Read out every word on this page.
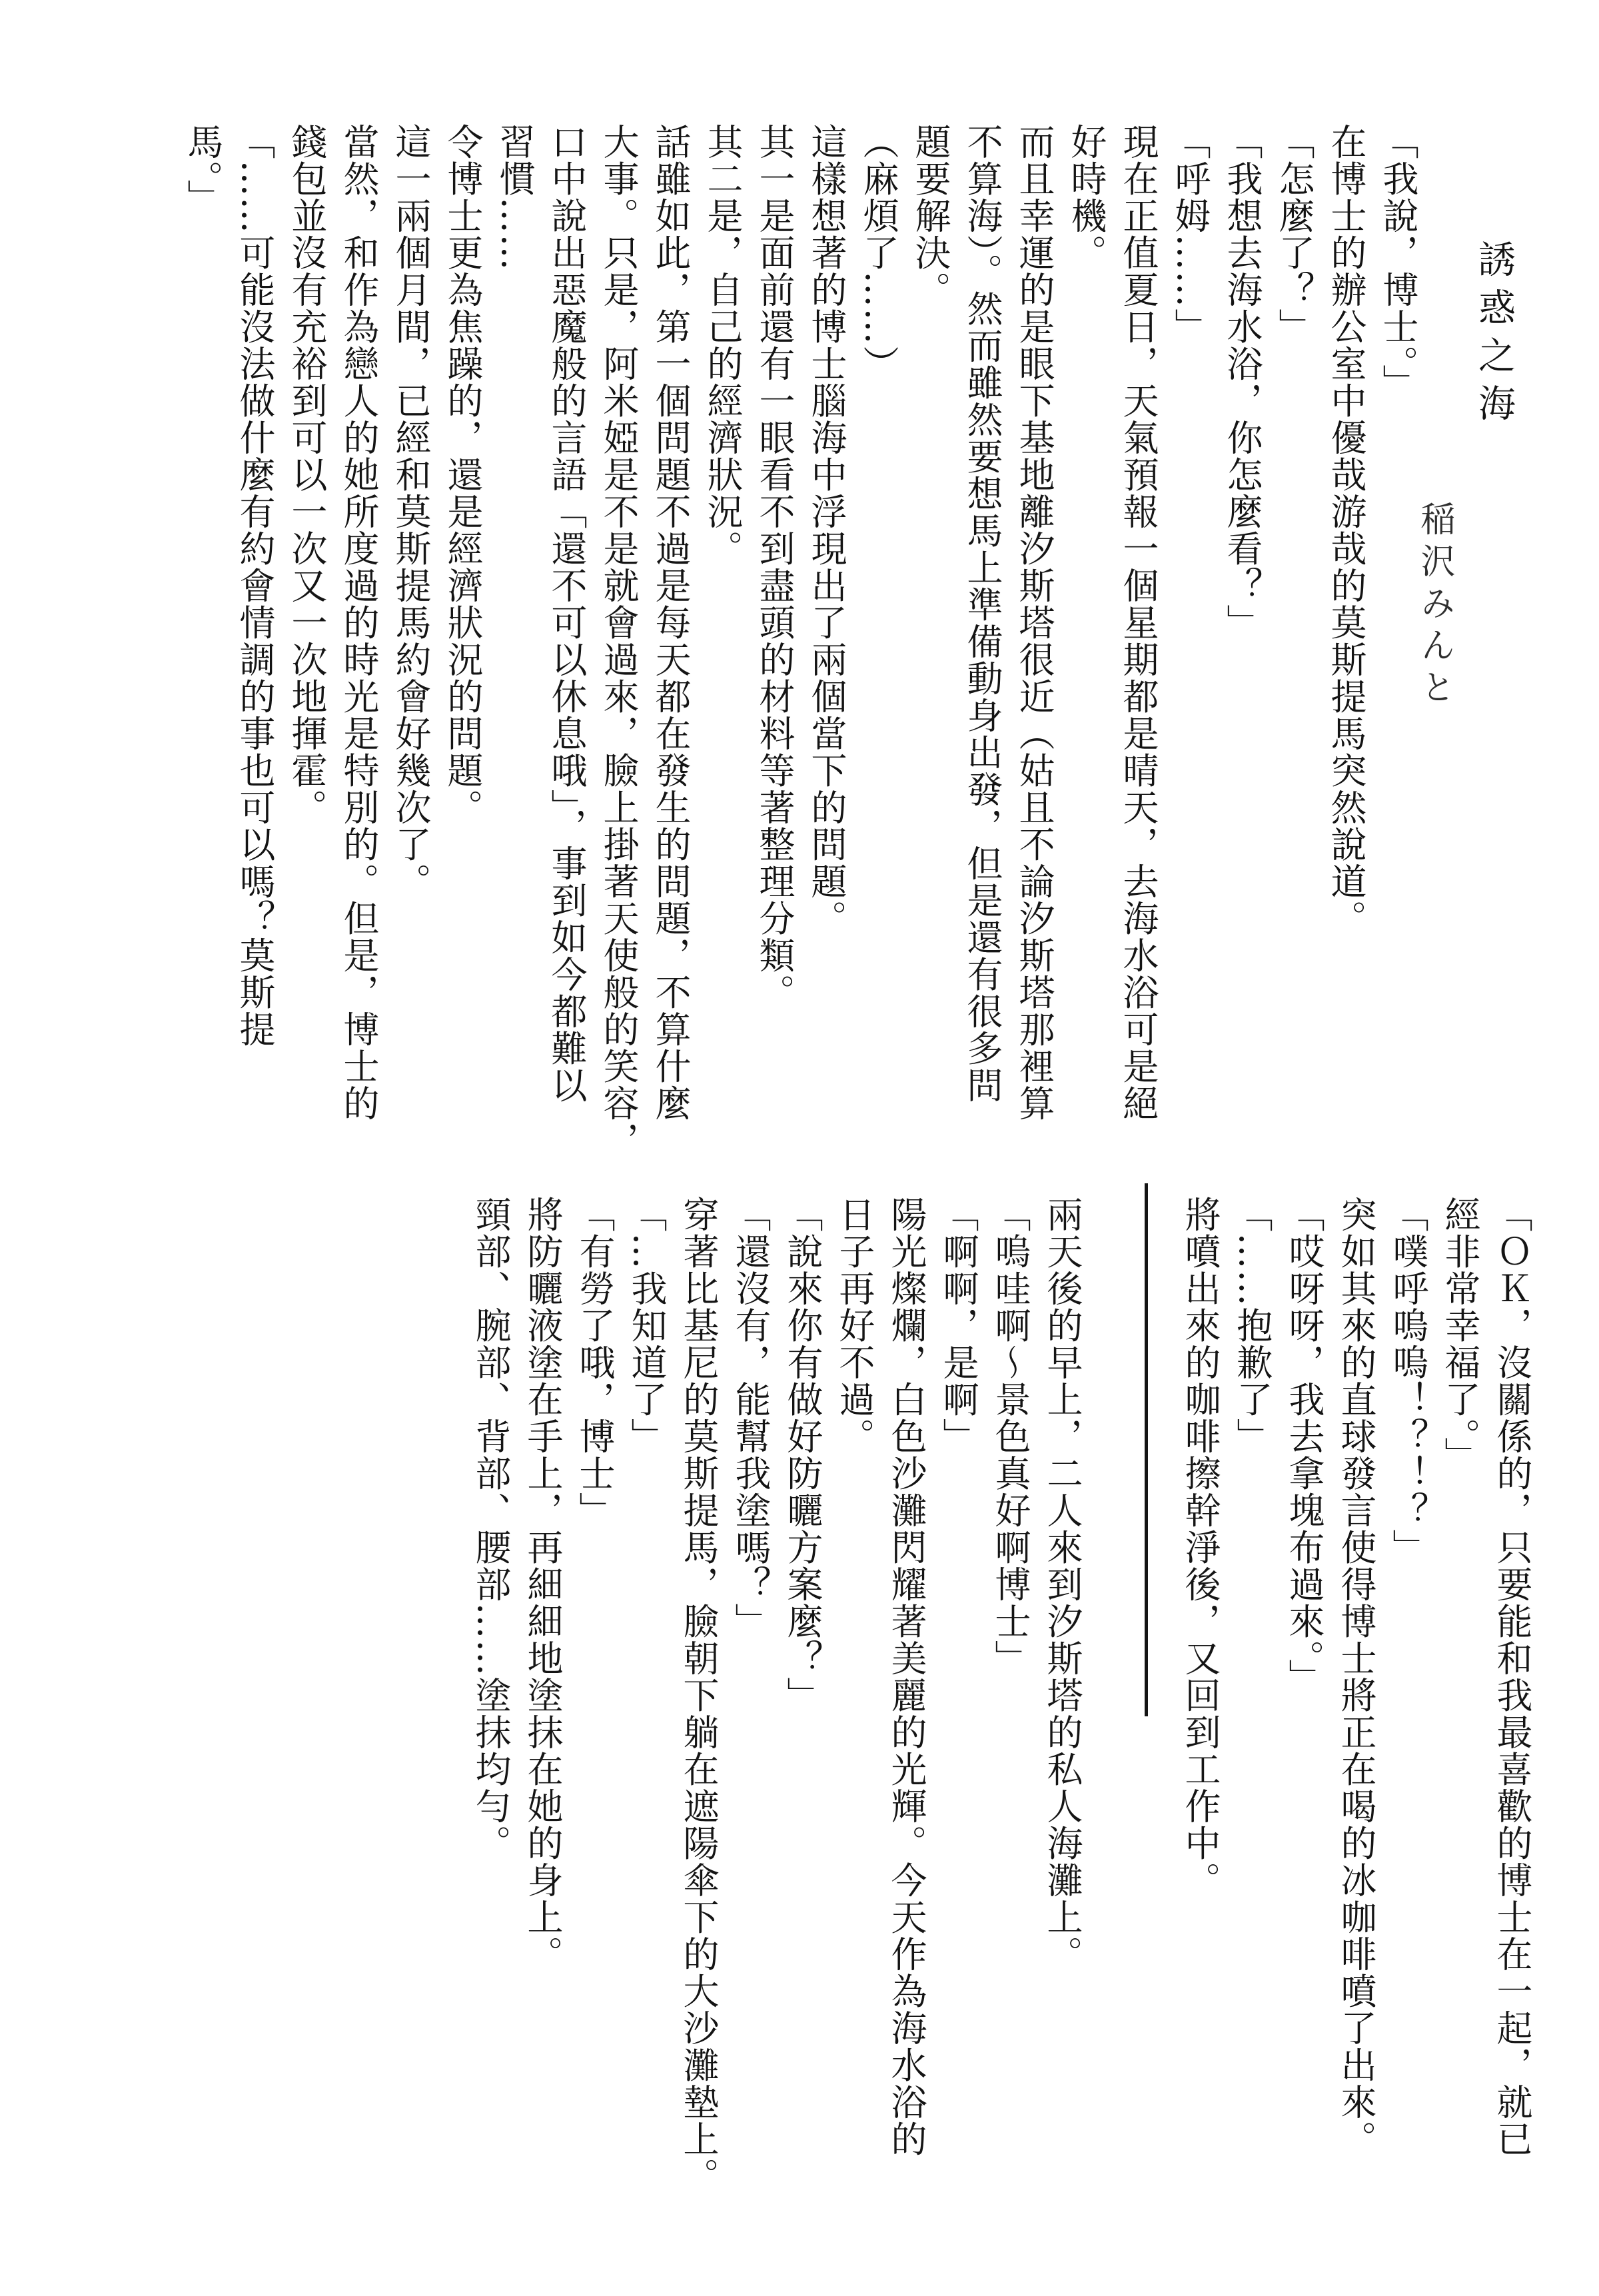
誘惑之海
稲沢みんと
「我說，博士。」
在博士的辦公室中優哉游哉的莫斯提馬突然說道。
「怎麼了？」
「我想去海水浴，你怎麼看？」
「呼姆……」
現在正值夏日，天氣預報一個星期都是晴天，去海水浴可是絕
好時機。
而且幸運的是眼下基地離汐斯塔很近（姑且不論汐斯塔那裡算
不算海）。然而雖然要想馬上準備動身出發，但是還有很多問
題要解決。
（麻煩了……）
這樣想著的博士腦海中浮現出了兩個當下的問題。
其一是面前還有一眼看不到盡頭的材料等著整理分類。
其二是，自己的經濟狀況。
話雖如此，第一個問題不過是每天都在發生的問題，不算什麼
大事。只是，阿米婭是不是就會過來，臉上掛著天使般的笑容，
口中說出惡魔般的言語「還不可以休息哦」，事到如今都難以
習慣……
令博士更為焦躁的，還是經濟狀況的問題。
這一兩個月間，已經和莫斯提馬約會好幾次了。
當然，和作為戀人的她所度過的時光是特別的。但是，博士的
錢包並沒有充裕到可以一次又一次地揮霍。
「……可能沒法做什麼有約會情調的事也可以嗎？莫斯提
馬。」
「ＯＫ，沒關係的，只要能和我最喜歡的博士在一起，就已
經非常幸福了。」
「噗呼嗚嗚！？！？」
突如其來的直球發言使得博士將正在喝的冰咖啡噴了出來。
「哎呀呀，我去拿塊布過來。」
「……抱歉了」
將噴出來的咖啡擦幹淨後，又回到工作中。
兩天後的早上，二人來到汐斯塔的私人海灘上。
「嗚哇啊～景色真好啊博士」
「啊啊，是啊」
陽光燦爛，白色沙灘閃耀著美麗的光輝。今天作為海水浴的
日子再好不過。
「說來你有做好防曬方案麼？」
「還沒有，能幫我塗嗎？」
穿著比基尼的莫斯提馬，臉朝下躺在遮陽傘下的大沙灘墊上。
「…我知道了」
「有勞了哦，博士」
將防曬液塗在手上，再細細地塗抹在她的身上。
頸部、腕部、背部、腰部……塗抹均勻。
